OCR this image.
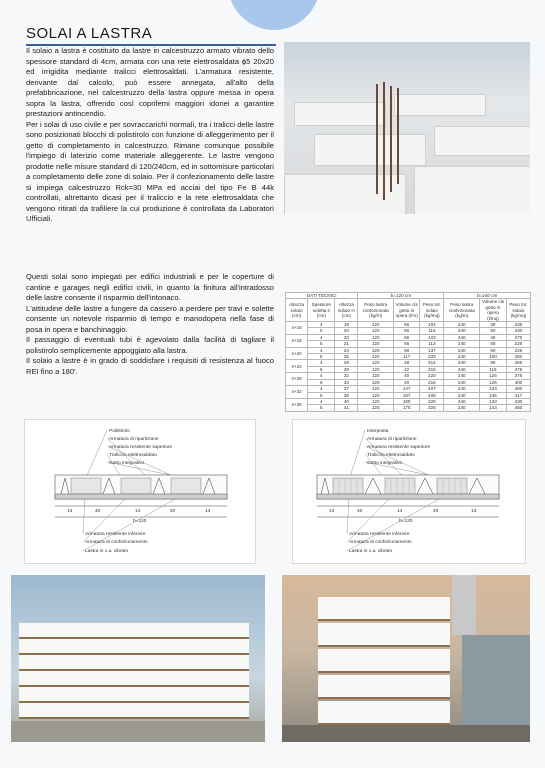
SOLAI A LASTRA

Il solaio a lastra è costituito da lastre in calcestruzzo armato vibrato dello spessore standard di 4cm, armata con una rete elettrosaldata ϕ5 20x20 ed irrigidita mediante tralicci elettrosaldati. L'armatura resistente, derivante dal calcolo, può essere annegata, all'alto della prefabbricazione, nel calcestruzzo della lastra oppure messa in opera sopra la lastra, offrendo così coprifemi maggiori idonei a garantire prestazioni antincendio.

Per i solai di uso civile e per sovraccarichi normali, tra i tralicci delle lastre sono posizionati blocchi di polistirolo con funzione di alleggerimento per il getto di completamento in calcestruzzo. Rimane comunque possibile l'impiego di laterizio come materiale alleggerente. Le lastre vengono prodotte nelle misure standard di 120/240cm, ed in sottomisure particolari a completamento delle zone di solaio. Per il confezionamento delle lastre si impiega calcestruzzo Rck=30 MPa ed acciai del tipo Fe B 44k controllati, altrettanto dicasi per il traliccio e la rete elettrosaldata che vengono ritirati da trafiliere la cui produzione è controllata da Laboratori Ufficiali.

Questi solai sono impiegati per edifici industriali e per le coperture di cantine e garages negli edifici civili, in quanto la finitura all'intradosso delle lastre consente il risparmio dell'intonaco.

L'attitudine delle lastre a fungere da cassero a perdere per travi e solette consente un notevole risparmio di tempo e manodopera nella fase di posa in opera e banchinaggio.

Il passaggio di eventuali tubi è agevolato dalla facilità di tagliare il polistirolo semplicemente appoggiato alla lastra.

Il solaio a lastre è in grado di soddisfare i requisiti di resistenza al fuoco REI fino a 180'.

DATI TECNICI			b=120 cm			b=240 cm		
Altezza solaio (cm)	Spessore soletta s (cm)	Altezza solaio H (cm)	Peso lastra confezionata (kg/m)	Volume cls getto in opera (l/m)	Peso tot. solaio (kg/mq)	Peso lastra confezionata (kg/m)	Volume cls getto in opera (l/mq)	Peso tot. solaio (kg/mq)
4+15	4	19	120	56	104	240	38	235
	5	20	120	56	116	240	50	230
4+16	4	20	120	56	103	240	48	270
	5	21	120	56	113	240	58	225
4+20	4	24	120	56	137	240	60	225
	5	25	120	117	333	240	100	250
4+24	4	28	120	48	314	240	96	265
	5	29	120	42	315	240	116	275
4+28	4	32	120	40	220	240	126	375
	5	33	120	40	218	240	126	400
4+32	4	37	120	147	407	240	133	400
	5	38	120	157	408	240	136	417
4+36	4	40	120	160	328	240	133	430
	5	41	120	170	326	240	143	450
Polistirolo
Armatura di ripartizione
Armatura resistente superiore
Traliccio elettrosaldato
Getto integrativo
13	40	14	40	13
b=120
Armatura resistente inferiore
Armatura di confezionamento
Lastra in c.a. vibrato
Interposta
Armatura di ripartizione
Armatura resistente superiore
Traliccio elettrosaldato
Getto integrativo
13	40	14	40	13
b=120
Armatura resistente inferiore
Armatura di confezionamento
Lastra in c.a. vibrato
